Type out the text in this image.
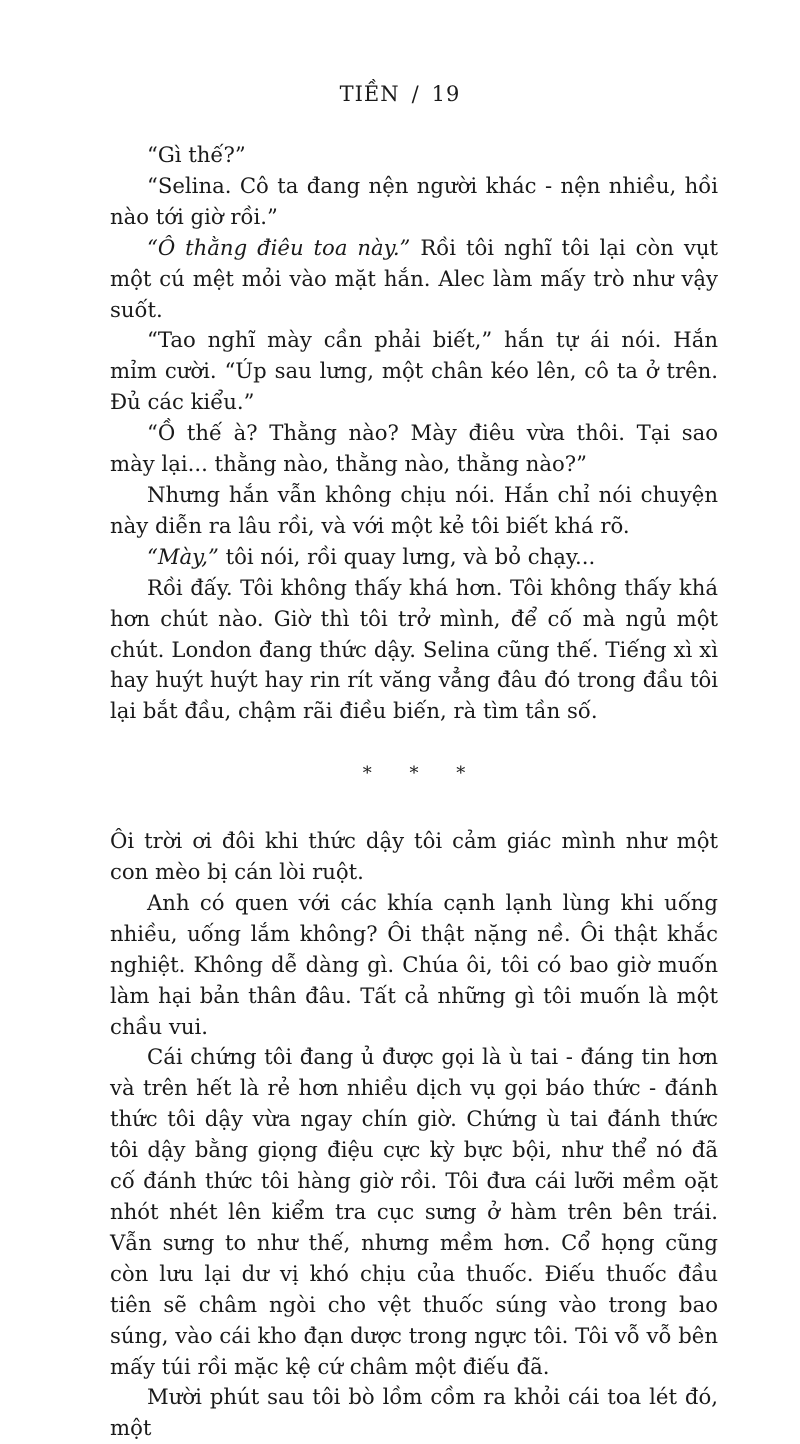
TIỀN / 19

“Gì thế?”

“Selina. Cô ta đang nện người khác - nện nhiều, hồi nào tới giờ rồi.”

“Ô thằng điêu toa này.” Rồi tôi nghĩ tôi lại còn vụt một cú mệt mỏi vào mặt hắn. Alec làm mấy trò như vậy suốt.

“Tao nghĩ mày cần phải biết,” hắn tự ái nói. Hắn mỉm cười. “Úp sau lưng, một chân kéo lên, cô ta ở trên. Đủ các kiểu.”

“Ồ thế à? Thằng nào? Mày điêu vừa thôi. Tại sao mày lại... thằng nào, thằng nào, thằng nào?”

Nhưng hắn vẫn không chịu nói. Hắn chỉ nói chuyện này diễn ra lâu rồi, và với một kẻ tôi biết khá rõ.

“Mày,” tôi nói, rồi quay lưng, và bỏ chạy...

Rồi đấy. Tôi không thấy khá hơn. Tôi không thấy khá hơn chút nào. Giờ thì tôi trở mình, để cố mà ngủ một chút. London đang thức dậy. Selina cũng thế. Tiếng xì xì hay huýt huýt hay rin rít văng vẳng đâu đó trong đầu tôi lại bắt đầu, chậm rãi điều biến, rà tìm tần số.

* * *

Ôi trời ơi đôi khi thức dậy tôi cảm giác mình như một con mèo bị cán lòi ruột.

Anh có quen với các khía cạnh lạnh lùng khi uống nhiều, uống lắm không? Ôi thật nặng nề. Ôi thật khắc nghiệt. Không dễ dàng gì. Chúa ôi, tôi có bao giờ muốn làm hại bản thân đâu. Tất cả những gì tôi muốn là một chầu vui.

Cái chứng tôi đang ủ được gọi là ù tai - đáng tin hơn và trên hết là rẻ hơn nhiều dịch vụ gọi báo thức - đánh thức tôi dậy vừa ngay chín giờ. Chứng ù tai đánh thức tôi dậy bằng giọng điệu cực kỳ bực bội, như thể nó đã cố đánh thức tôi hàng giờ rồi. Tôi đưa cái lưỡi mềm oặt nhót nhét lên kiểm tra cục sưng ở hàm trên bên trái. Vẫn sưng to như thế, nhưng mềm hơn. Cổ họng cũng còn lưu lại dư vị khó chịu của thuốc. Điếu thuốc đầu tiên sẽ châm ngòi cho vệt thuốc súng vào trong bao súng, vào cái kho đạn dược trong ngực tôi. Tôi vỗ vỗ bên mấy túi rồi mặc kệ cứ châm một điếu đã.

Mười phút sau tôi bò lồm cồm ra khỏi cái toa lét đó, một
